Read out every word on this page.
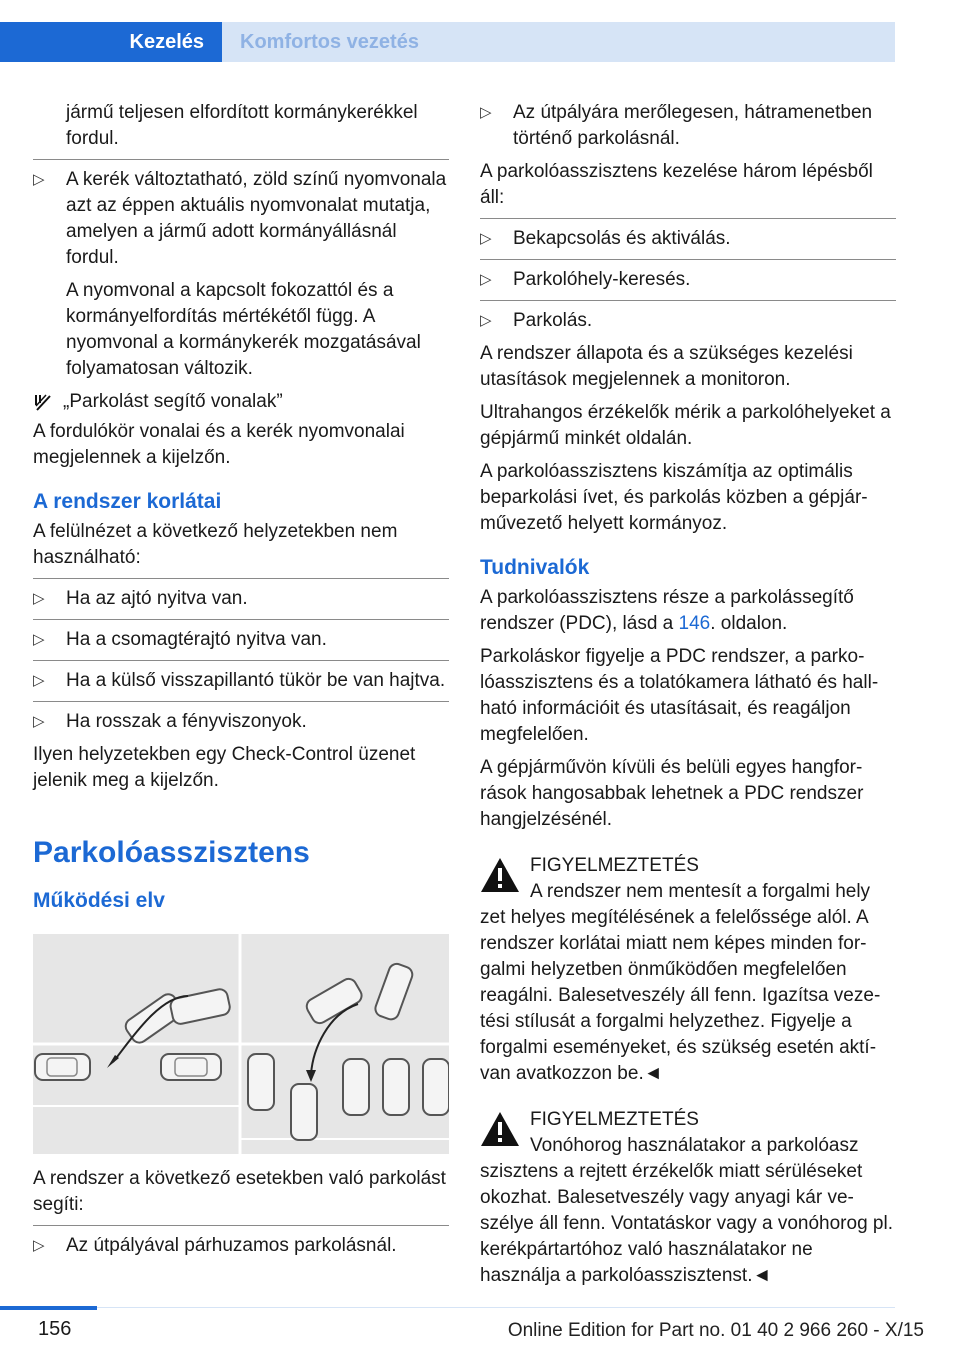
Kezelés	Komfortos vezetés

jármű teljesen elfordított kormánykerékkel fordul.

▷ A kerék változtatható, zöld színű nyomvonala azt az éppen aktuális nyomvonalat mutatja, amelyen a jármű adott kormányállásnál fordul.

A nyomvonal a kapcsolt fokozattól és a kormányelfordítás mértékétől függ. A nyomvonal a kormánykerék mozgatásával folyamatosan változik.

„Parkolást segítő vonalak”

A fordulókör vonalai és a kerék nyomvonalai megjelennek a kijelzőn.

A rendszer korlátai

A felülnézet a következő helyzetekben nem használható:

▷ Ha az ajtó nyitva van.
▷ Ha a csomagtérajtó nyitva van.
▷ Ha a külső visszapillantó tükör be van hajtva.
▷ Ha rosszak a fényviszonyok.

Ilyen helyzetekben egy Check-Control üzenet jelenik meg a kijelzőn.

Parkolóasszisztens
Működési elv

A rendszer a következő esetekben való parkolást segíti:

▷ Az útpályával párhuzamos parkolásnál.
▷ Az útpályára merőlegesen, hátramenetben történő parkolásnál.

A parkolóasszisztens kezelése három lépésből áll:

▷ Bekapcsolás és aktiválás.
▷ Parkolóhely-keresés.
▷ Parkolás.

A rendszer állapota és a szükséges kezelési utasítások megjelennek a monitoron.

Ultrahangos érzékelők mérik a parkolóhelyeket a gépjármű minkét oldalán.

A parkolóasszisztens kiszámítja az optimális beparkolási ívet, és parkolás közben a gépjárművezető helyett kormányoz.

Tudnivalók

A parkolóasszisztens része a parkolássegítő rendszer (PDC), lásd a 146. oldalon.

Parkoláskor figyelje a PDC rendszer, a parkolóasszisztens és a tolatókamera látható és hallható információit és utasításait, és reagáljon megfelelően.

A gépjárművön kívüli és belüli egyes hangforrások hangosabbak lehetnek a PDC rendszer hangjelzésénél.

FIGYELMEZTETÉS
A rendszer nem mentesít a forgalmi hely
zet helyes megítélésének a felelőssége alól. A rendszer korlátai miatt nem képes minden forgalmi helyzetben önműködően megfelelően reagálni. Balesetveszély áll fenn. Igazítsa vezetési stílusát a forgalmi helyzethez. Figyelje a forgalmi eseményeket, és szükség esetén aktívan avatkozzon be.◄
FIGYELMEZTETÉS
Vonóhorog használatakor a parkolóasz
szisztens a rejtett érzékelők miatt sérüléseket okozhat. Balesetveszély vagy anyagi kár veszélye áll fenn. Vontatáskor vagy a vonóhorog pl. kerékpártartóhoz való használatakor ne használja a parkolóasszisztenst.◄
156	Online Edition for Part no. 01 40 2 966 260 - X/15
